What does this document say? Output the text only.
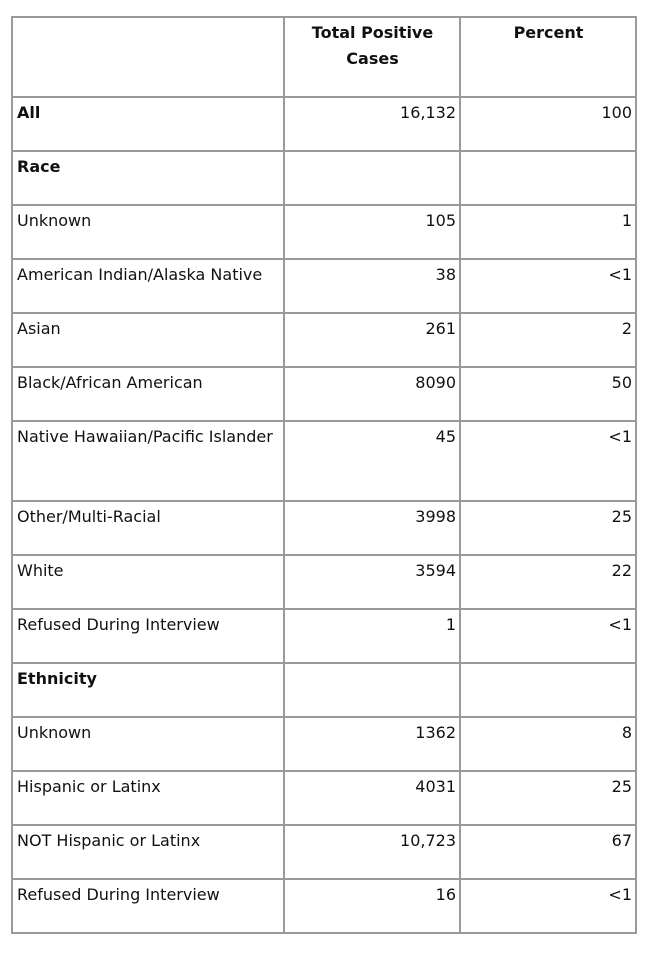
	Total Positive Cases	Percent
All	16,132	100
Race		
Unknown	105	1
American Indian/Alaska Native	38	<1
Asian	261	2
Black/African American	8090	50
Native Hawaiian/Pacific Islander	45	<1
Other/Multi-Racial	3998	25
White	3594	22
Refused During Interview	1	<1
Ethnicity		
Unknown	1362	8
Hispanic or Latinx	4031	25
NOT Hispanic or Latinx	10,723	67
Refused During Interview	16	<1
